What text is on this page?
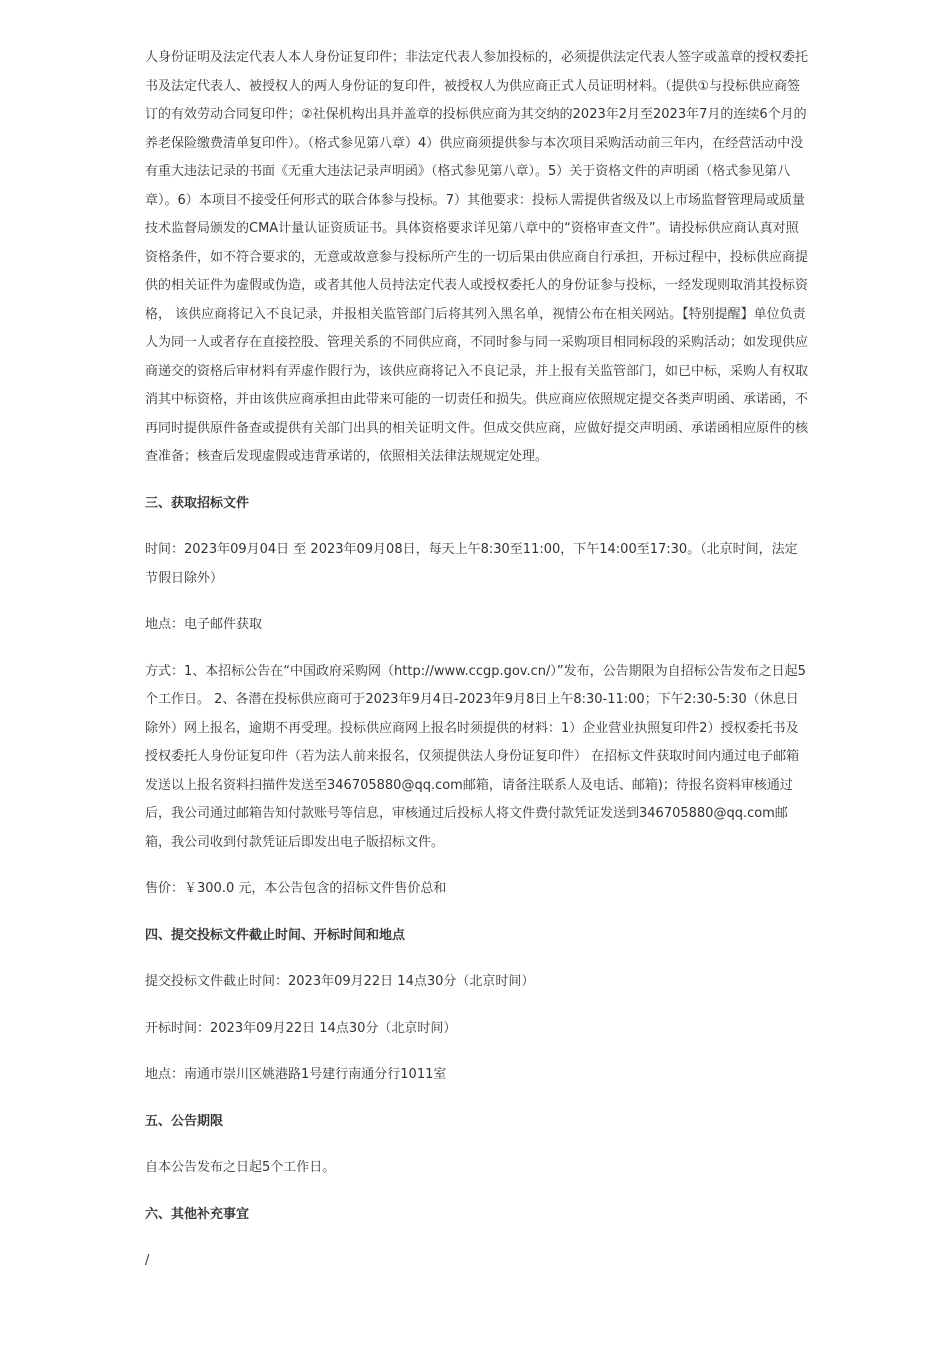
人身份证明及法定代表人本人身份证复印件；非法定代表人参加投标的，必须提供法定代表人签字或盖章的授权委托书及法定代表人、被授权人的两人身份证的复印件，被授权人为供应商正式人员证明材料。（提供①与投标供应商签订的有效劳动合同复印件；②社保机构出具并盖章的投标供应商为其交纳的2023年2月至2023年7月的连续6个月的养老保险缴费清单复印件）。（格式参见第八章）4）供应商须提供参与本次项目采购活动前三年内，在经营活动中没有重大违法记录的书面《无重大违法记录声明函》（格式参见第八章）。5）关于资格文件的声明函（格式参见第八章）。6）本项目不接受任何形式的联合体参与投标。7）其他要求：投标人需提供省级及以上市场监督管理局或质量技术监督局颁发的CMA计量认证资质证书。具体资格要求详见第八章中的“资格审查文件”。请投标供应商认真对照资格条件，如不符合要求的，无意或故意参与投标所产生的一切后果由供应商自行承担，开标过程中，投标供应商提供的相关证件为虚假或伪造，或者其他人员持法定代表人或授权委托人的身份证参与投标，一经发现则取消其投标资格， 该供应商将记入不良记录，并报相关监管部门后将其列入黑名单，视情公布在相关网站。【特别提醒】单位负责人为同一人或者存在直接控股、管理关系的不同供应商，不同时参与同一采购项目相同标段的采购活动；如发现供应商递交的资格后审材料有弄虚作假行为，该供应商将记入不良记录，并上报有关监管部门，如已中标，采购人有权取消其中标资格，并由该供应商承担由此带来可能的一切责任和损失。供应商应依照规定提交各类声明函、承诺函，不再同时提供原件备查或提供有关部门出具的相关证明文件。但成交供应商，应做好提交声明函、承诺函相应原件的核查准备；核查后发现虚假或违背承诺的，依照相关法律法规规定处理。

三、获取招标文件

时间：2023年09月04日 至 2023年09月08日，每天上午8:30至11:00，下午14:00至17:30。（北京时间，法定节假日除外）

地点：电子邮件获取

方式：1、本招标公告在“中国政府采购网（http://www.ccgp.gov.cn/）”发布，公告期限为自招标公告发布之日起5个工作日。 2、各潜在投标供应商可于2023年9月4日-2023年9月8日上午8:30-11:00；下午2:30-5:30（休息日除外）网上报名，逾期不再受理。投标供应商网上报名时须提供的材料：1）企业营业执照复印件2）授权委托书及授权委托人身份证复印件（若为法人前来报名，仅须提供法人身份证复印件） 在招标文件获取时间内通过电子邮箱发送以上报名资料扫描件发送至346705880@qq.com邮箱，请备注联系人及电话、邮箱)；待报名资料审核通过后，我公司通过邮箱告知付款账号等信息，审核通过后投标人将文件费付款凭证发送到346705880@qq.com邮箱，我公司收到付款凭证后即发出电子版招标文件。

售价：￥300.0 元，本公告包含的招标文件售价总和

四、提交投标文件截止时间、开标时间和地点

提交投标文件截止时间：2023年09月22日 14点30分（北京时间）

开标时间：2023年09月22日 14点30分（北京时间）

地点：南通市崇川区姚港路1号建行南通分行1011室

五、公告期限

自本公告发布之日起5个工作日。

六、其他补充事宜

/
